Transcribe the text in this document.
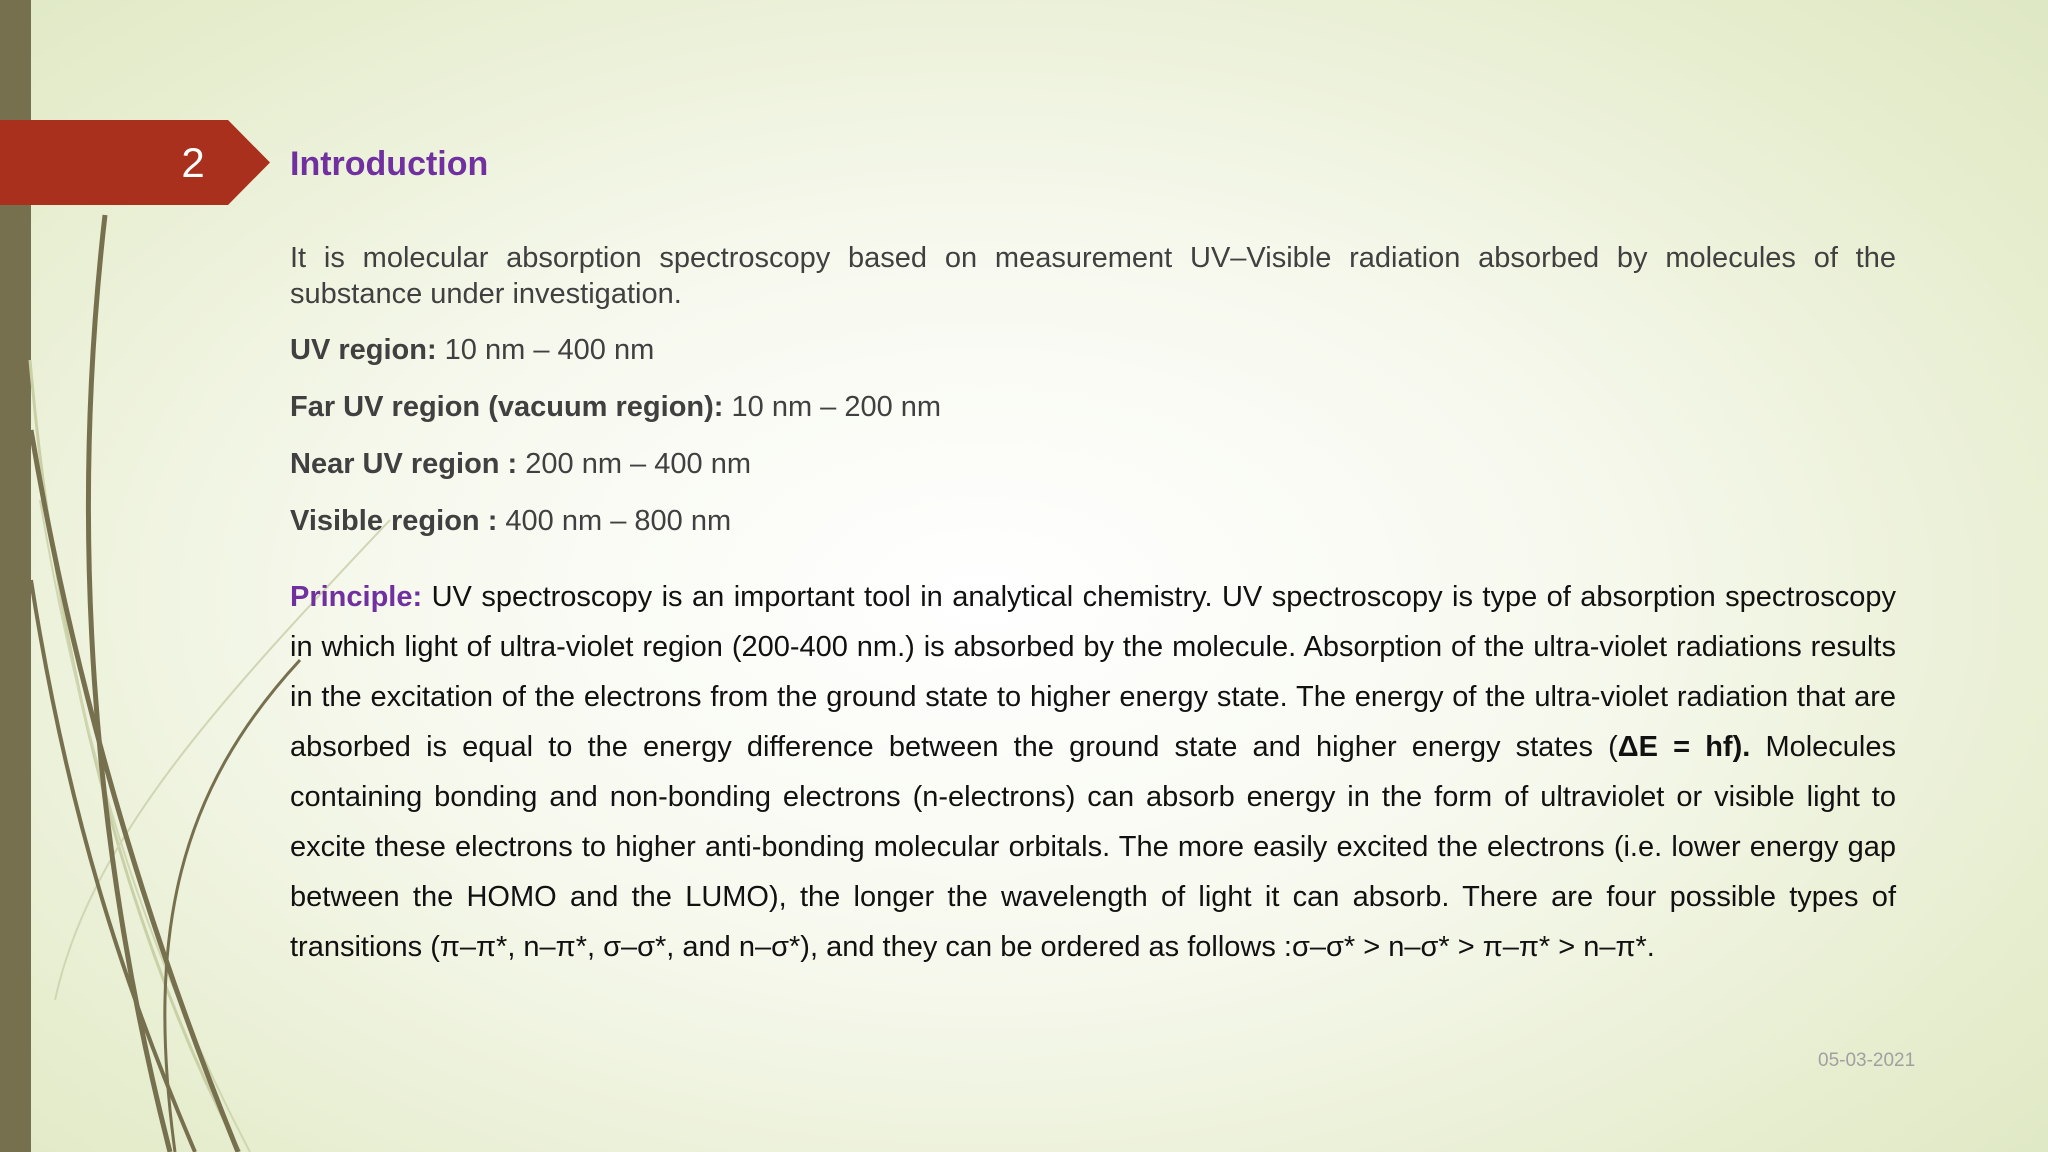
2	Introduction

It is molecular absorption spectroscopy based on measurement UV–Visible radiation absorbed by molecules of the substance under investigation.

UV region: 10 nm – 400 nm

Far UV region (vacuum region): 10 nm – 200 nm

Near UV region : 200 nm – 400 nm

Visible region : 400 nm – 800 nm

Principle: UV spectroscopy is an important tool in analytical chemistry. UV spectroscopy is type of absorption spectroscopy in which light of ultra-violet region (200-400 nm.) is absorbed by the molecule. Absorption of the ultra-violet radiations results in the excitation of the electrons from the ground state to higher energy state. The energy of the ultra-violet radiation that are absorbed is equal to the energy difference between the ground state and higher energy states (ΔE = hf). Molecules containing bonding and non-bonding electrons (n-electrons) can absorb energy in the form of ultraviolet or visible light to excite these electrons to higher anti-bonding molecular orbitals. The more easily excited the electrons (i.e. lower energy gap between the HOMO and the LUMO), the longer the wavelength of light it can absorb. There are four possible types of transitions (π–π*, n–π*, σ–σ*, and n–σ*), and they can be ordered as follows :σ–σ* > n–σ* > π–π* > n–π*.

05-03-2021
